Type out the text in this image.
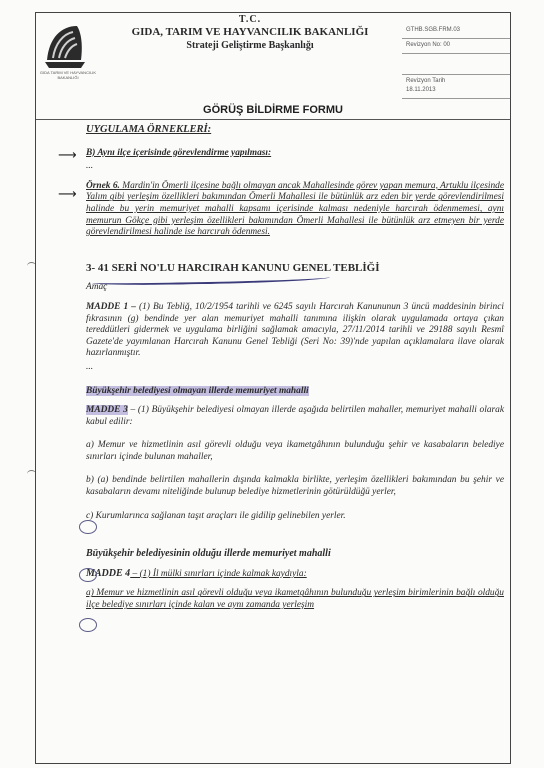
GIDA TARIM VE HAYVANCILIK BAKANLIĞI
T.C.
GIDA, TARIM VE HAYVANCILIK BAKANLIĞI
Strateji Geliştirme Başkanlığı
GTHB.SGB.FRM.03
Revizyon No: 00
Revizyon Tarih
18.11.2013
GÖRÜŞ BİLDİRME FORMU
⟶
⟶

UYGULAMA ÖRNEKLERİ:

B) Aynı ilçe içerisinde görevlendirme yapılması:

...

Örnek 6. Mardin'in Ömerli ilçesine bağlı olmayan ancak Mahallesinde görev yapan memura, Artuklu ilçesinde Yalım gibi yerleşim özellikleri bakımından Ömerli Mahallesi ile bütünlük arz eden bir yerde görevlendirilmesi halinde bu yerin memuriyet mahalli kapsamı içerisinde kalması nedeniyle harcırah ödenmemesi, aynı memurun Gökçe gibi yerleşim özellikleri bakımından Ömerli Mahallesi ile bütünlük arz etmeyen bir yerde görevlendirilmesi halinde ise harcırah ödenmesi.

3- 41 SERİ NO'LU HARCIRAH KANUNU GENEL TEBLİĞİ

Amaç

MADDE 1 – (1) Bu Tebliğ, 10/2/1954 tarihli ve 6245 sayılı Harcırah Kanununun 3 üncü maddesinin birinci fıkrasının (g) bendinde yer alan memuriyet mahalli tanımına ilişkin olarak uygulamada ortaya çıkan tereddütleri gidermek ve uygulama birliğini sağlamak amacıyla, 27/11/2014 tarihli ve 29188 sayılı Resmî Gazete'de yayımlanan Harcırah Kanunu Genel Tebliği (Seri No: 39)'nde yapılan açıklamalara ilave olarak hazırlanmıştır.

...

Büyükşehir belediyesi olmayan illerde memuriyet mahalli

MADDE 3 – (1) Büyükşehir belediyesi olmayan illerde aşağıda belirtilen mahaller, memuriyet mahalli olarak kabul edilir:

a) Memur ve hizmetlinin asıl görevli olduğu veya ikametgâhının bulunduğu şehir ve kasabaların belediye sınırları içinde bulunan mahaller,

b) (a) bendinde belirtilen mahallerin dışında kalmakla birlikte, yerleşim özellikleri bakımından bu şehir ve kasabaların devamı niteliğinde bulunup belediye hizmetlerinin götürüldüğü yerler,

c) Kurumlarınca sağlanan taşıt araçları ile gidilip gelinebilen yerler.

Büyükşehir belediyesinin olduğu illerde memuriyet mahalli

MADDE 4 – (1) İl mülki sınırları içinde kalmak kaydıyla:

a) Memur ve hizmetlinin asıl görevli olduğu veya ikametgâhının bulunduğu yerleşim birimlerinin bağlı olduğu ilçe belediye sınırları içinde kalan ve aynı zamanda yerleşim
